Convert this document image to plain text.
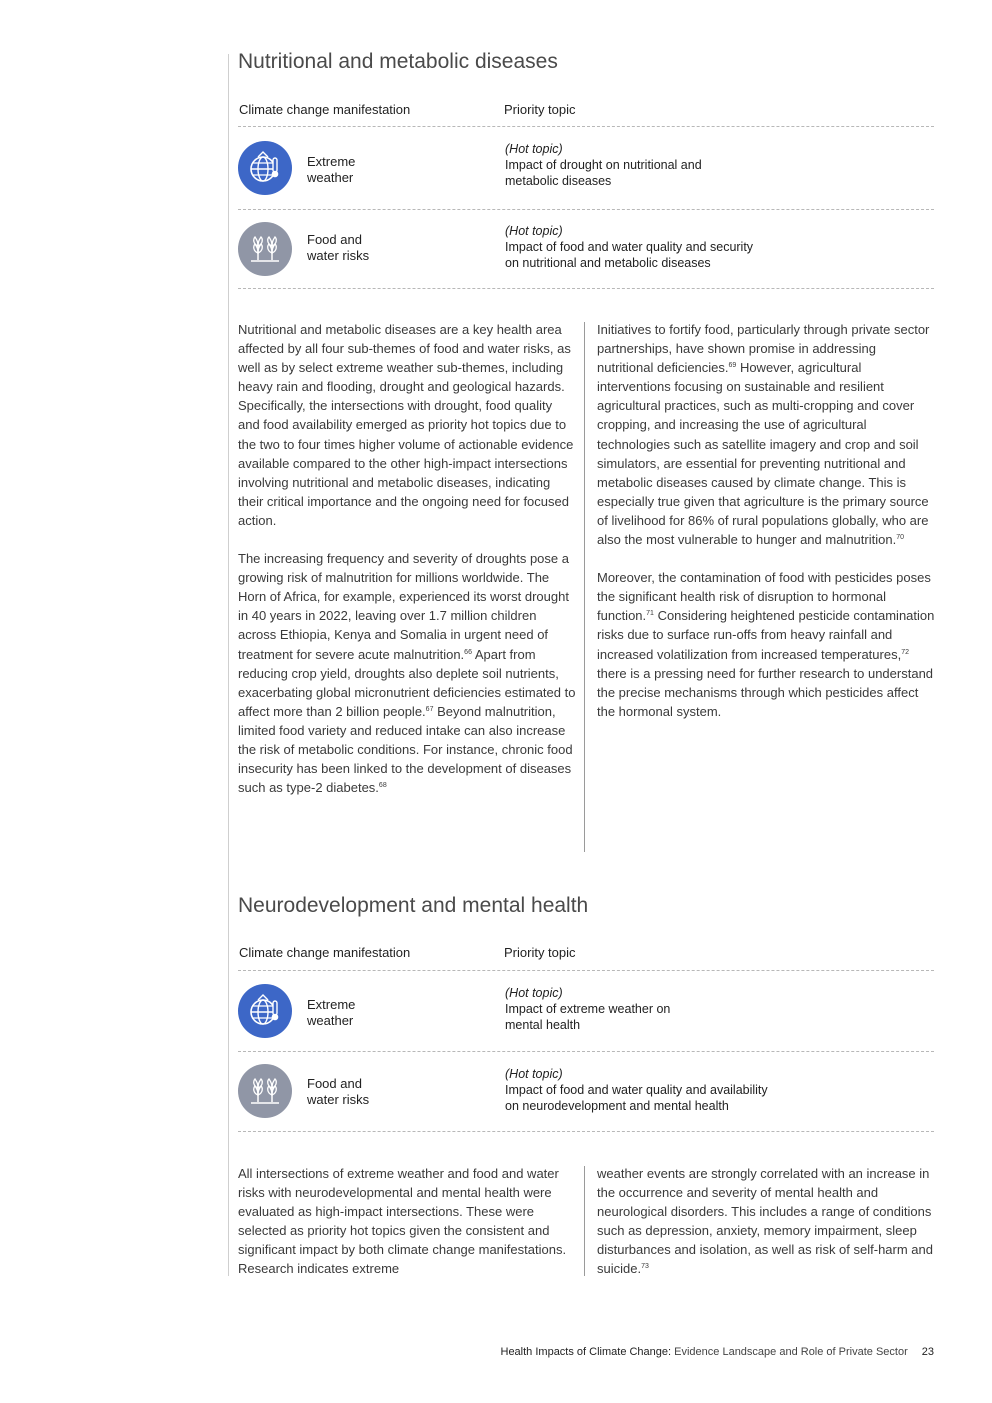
Nutritional and metabolic diseases
Climate change manifestation	Priority topic
Extreme
weather
(Hot topic)
Impact of drought on nutritional and
metabolic diseases
Food and
water risks
(Hot topic)
Impact of food and water quality and security
on nutritional and metabolic diseases

Nutritional and metabolic diseases are a key health area affected by all four sub-themes of food and water risks, as well as by select extreme weather sub-themes, including heavy rain and flooding, drought and geological hazards. Specifically, the intersections with drought, food quality and food availability emerged as priority hot topics due to the two to four times higher volume of actionable evidence available compared to the other high-impact intersections involving nutritional and metabolic diseases, indicating their critical importance and the ongoing need for focused action.

The increasing frequency and severity of droughts pose a growing risk of malnutrition for millions worldwide. The Horn of Africa, for example, experienced its worst drought in 40 years in 2022, leaving over 1.7 million children across Ethiopia, Kenya and Somalia in urgent need of treatment for severe acute malnutrition.$^{66}$ Apart from reducing crop yield, droughts also deplete soil nutrients, exacerbating global micronutrient deficiencies estimated to affect more than 2 billion people.$^{67}$ Beyond malnutrition, limited food variety and reduced intake can also increase the risk of metabolic conditions. For instance, chronic food insecurity has been linked to the development of diseases such as type-2 diabetes.$^{68}$

Initiatives to fortify food, particularly through private sector partnerships, have shown promise in addressing nutritional deficiencies.$^{69}$ However, agricultural interventions focusing on sustainable and resilient agricultural practices, such as multi-cropping and cover cropping, and increasing the use of agricultural technologies such as satellite imagery and crop and soil simulators, are essential for preventing nutritional and metabolic diseases caused by climate change. This is especially true given that agriculture is the primary source of livelihood for 86% of rural populations globally, who are also the most vulnerable to hunger and malnutrition.$^{70}$

Moreover, the contamination of food with pesticides poses the significant health risk of disruption to hormonal function.$^{71}$ Considering heightened pesticide contamination risks due to surface run-offs from heavy rainfall and increased volatilization from increased temperatures,$^{72}$ there is a pressing need for further research to understand the precise mechanisms through which pesticides affect the hormonal system.

Neurodevelopment and mental health
Climate change manifestation	Priority topic
Extreme
weather
(Hot topic)
Impact of extreme weather on
mental health
Food and
water risks
(Hot topic)
Impact of food and water quality and availability
on neurodevelopment and mental health

All intersections of extreme weather and food and water risks with neurodevelopmental and mental health were evaluated as high-impact intersections. These were selected as priority hot topics given the consistent and significant impact by both climate change manifestations. Research indicates extreme

weather events are strongly correlated with an increase in the occurrence and severity of mental health and neurological disorders. This includes a range of conditions such as depression, anxiety, memory impairment, sleep disturbances and isolation, as well as risk of self-harm and suicide.$^{73}$

Health Impacts of Climate Change: Evidence Landscape and Role of Private Sector 23
